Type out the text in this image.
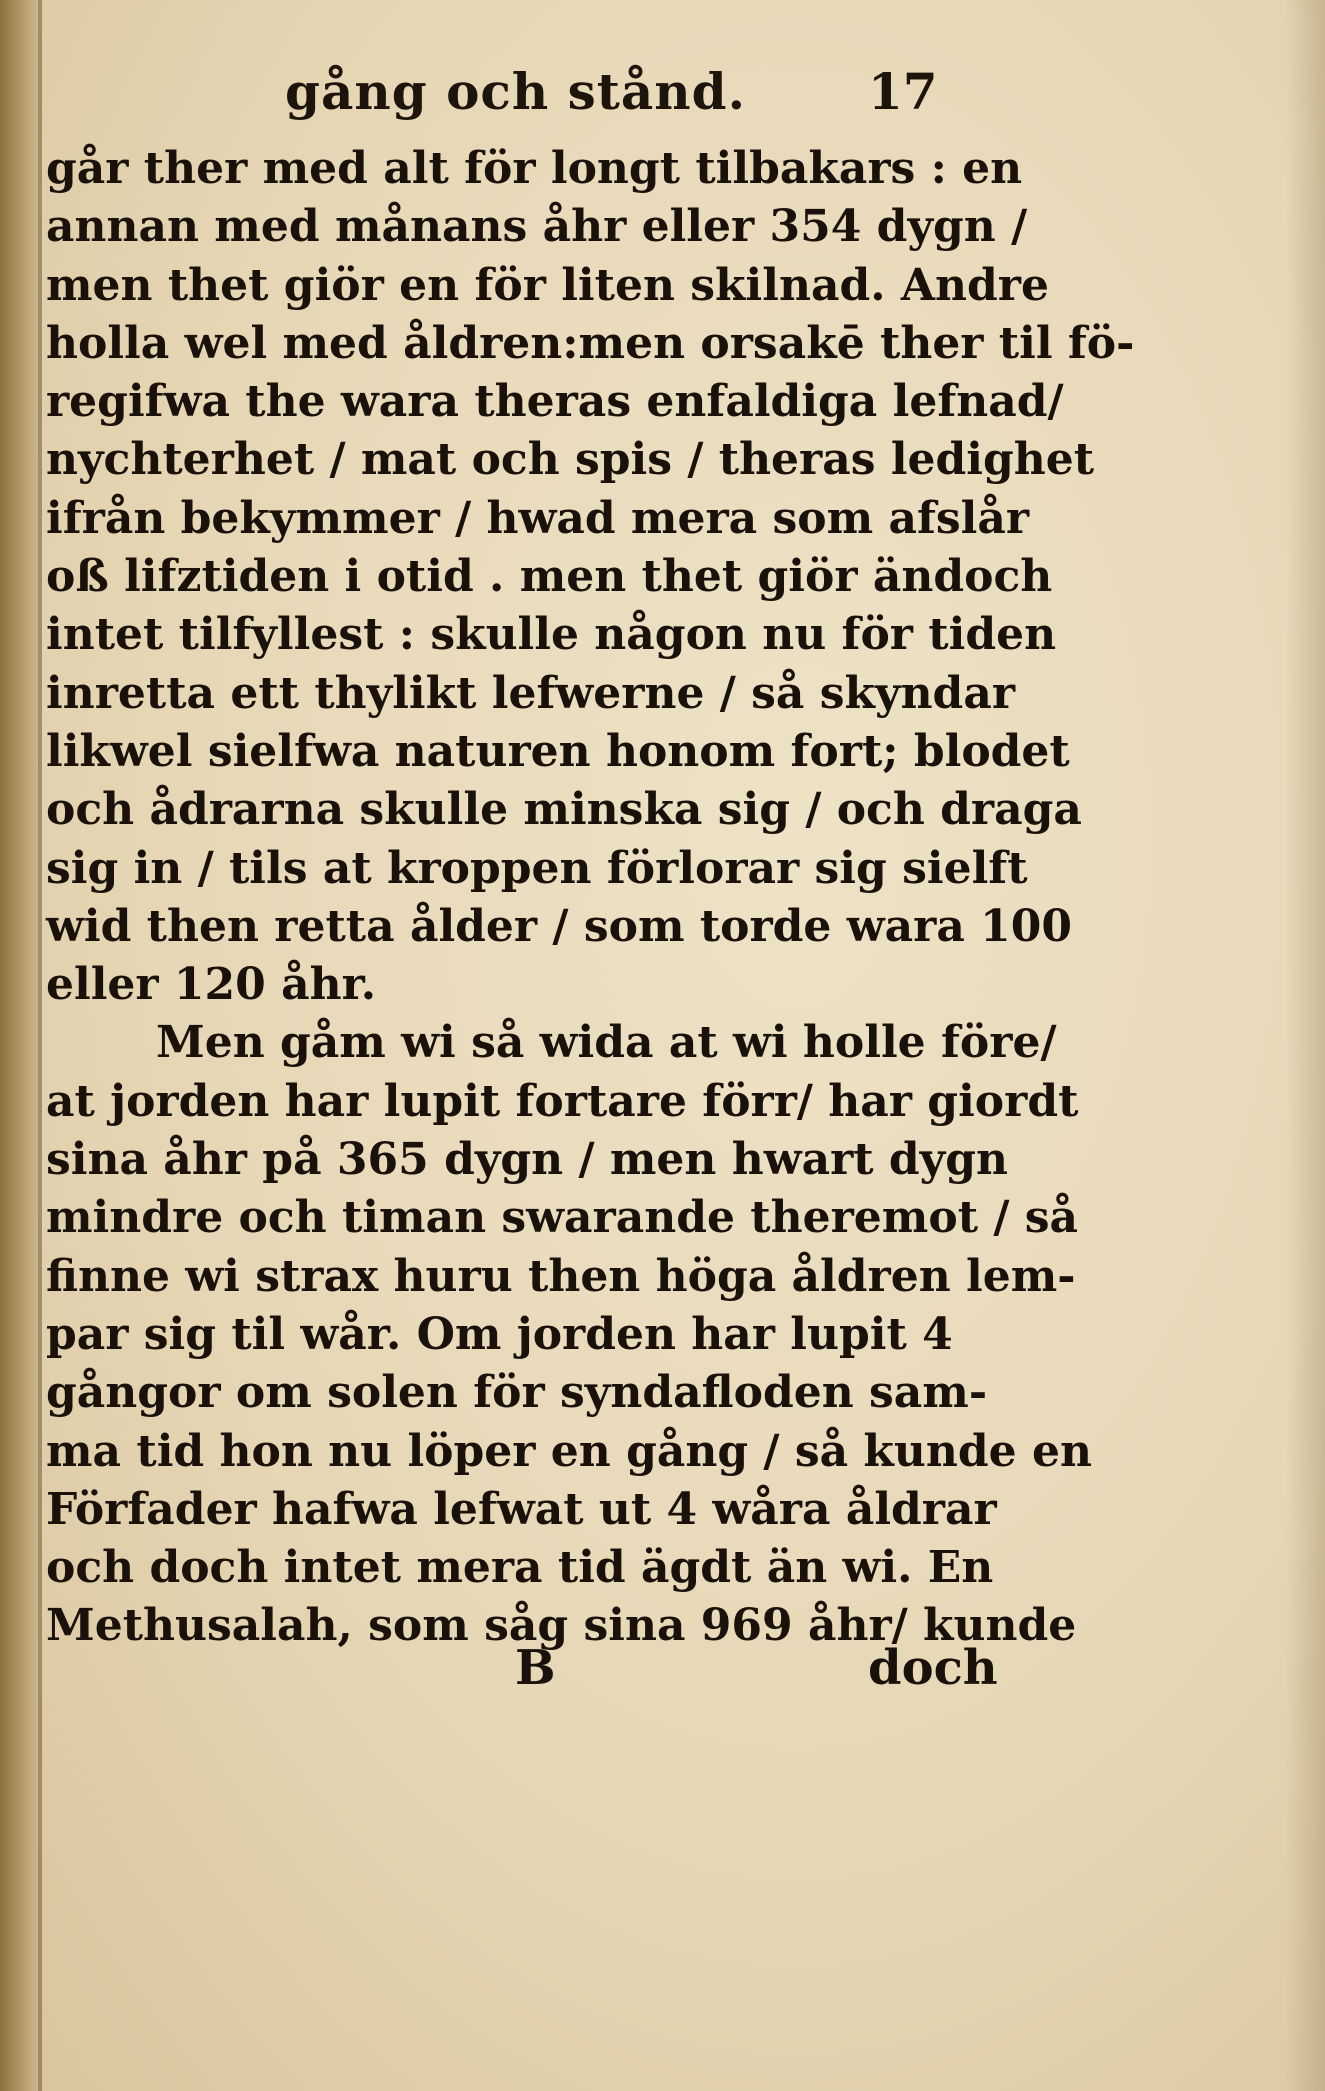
gång och stånd. 17
går ther med alt för longt tilbakars : en
annan med månans åhr eller 354 dygn /
men thet giör en för liten skilnad. Andre
holla wel med åldren:men orsakē ther til fö-
regifwa the wara theras enfaldiga lefnad/
nychterhet / mat och spis / theras ledighet
ifrån bekymmer / hwad mera som afslår
oß lifztiden i otid . men thet giör ändoch
intet tilfyllest : skulle någon nu för tiden
inretta ett thylikt lefwerne / så skyndar
likwel sielfwa naturen honom fort; blodet
och ådrarna skulle minska sig / och draga
sig in / tils at kroppen förlorar sig sielft
wid then retta ålder / som torde wara 100
eller 120 åhr.
Men gåm wi så wida at wi holle före/
at jorden har lupit fortare förr/ har giordt
sina åhr på 365 dygn / men hwart dygn
mindre och timan swarande theremot / så
finne wi strax huru then höga åldren lem-
par sig til wår. Om jorden har lupit 4
gångor om solen för syndafloden sam-
ma tid hon nu löper en gång / så kunde en
Förfader hafwa lefwat ut 4 wåra åldrar
och doch intet mera tid ägdt än wi. En
Methusalah, som såg sina 969 åhr/ kunde
B	doch
